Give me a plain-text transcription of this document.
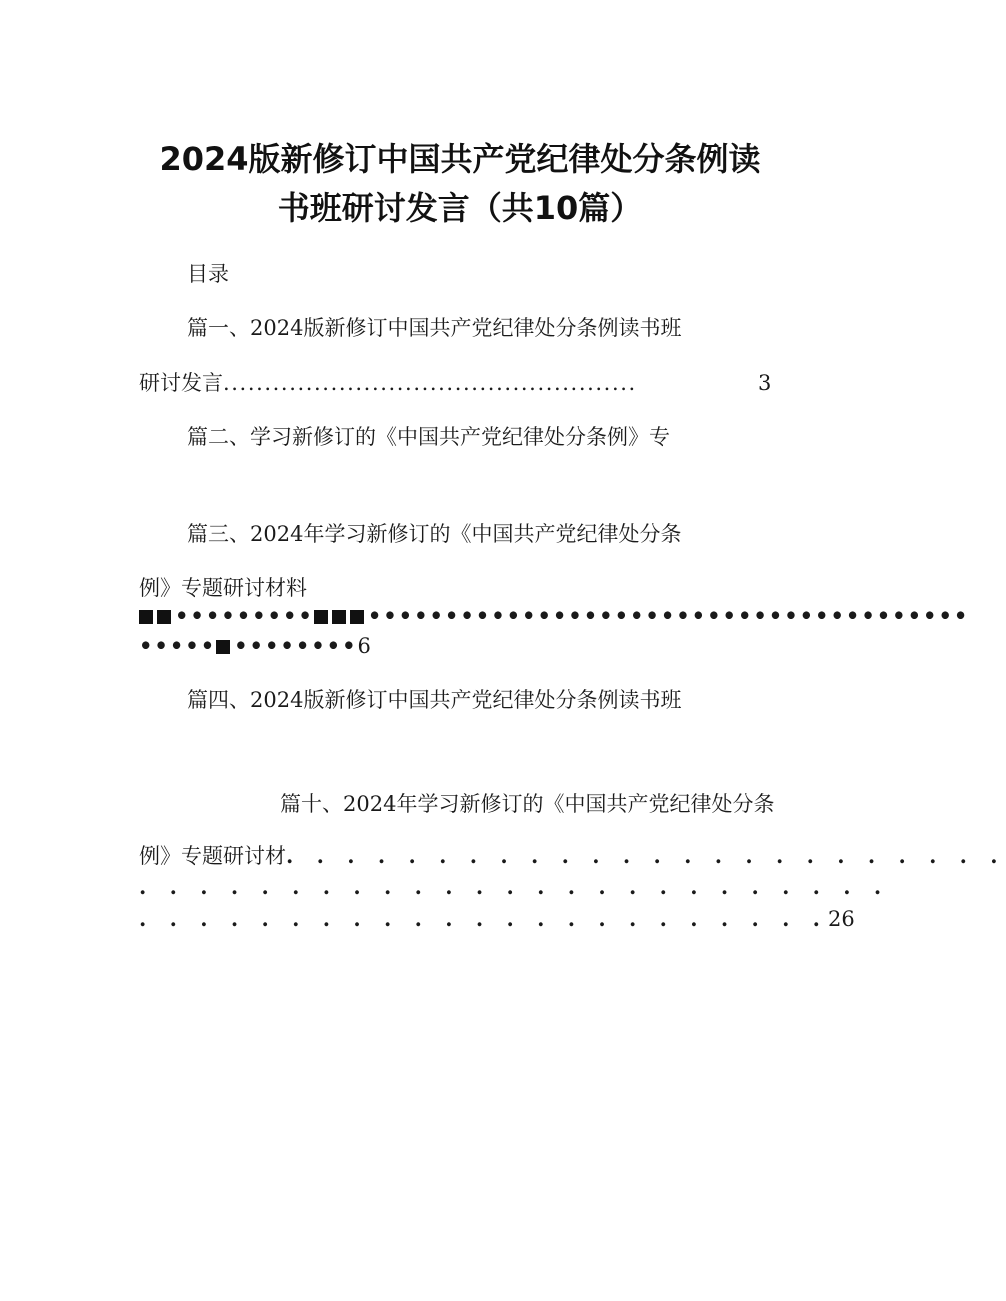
2024版新修订中国共产党纪律处分条例读
书班研讨发言（共10篇）
目录
篇一、2024版新修订中国共产党纪律处分条例读书班
研讨发言..................................................	3
篇二、学习新修订的《中国共产党纪律处分条例》专
篇三、2024年学习新修订的《中国共产党纪律处分条
例》专题研讨材料
•••••••••	•••••••••••••••••••••••••••••••••••••••
••••• ••••••••6
篇四、2024版新修订中国共产党纪律处分条例读书班
篇十、2024年学习新修订的《中国共产党纪律处分条
例》专题研讨材. . . . . . . . . . . . . . . . . . . . . . . .
. . . . . . . . . . . . . . . . . . . . . . . . .
. . . . . . . . . . . . . . . . . . . . . . .26
